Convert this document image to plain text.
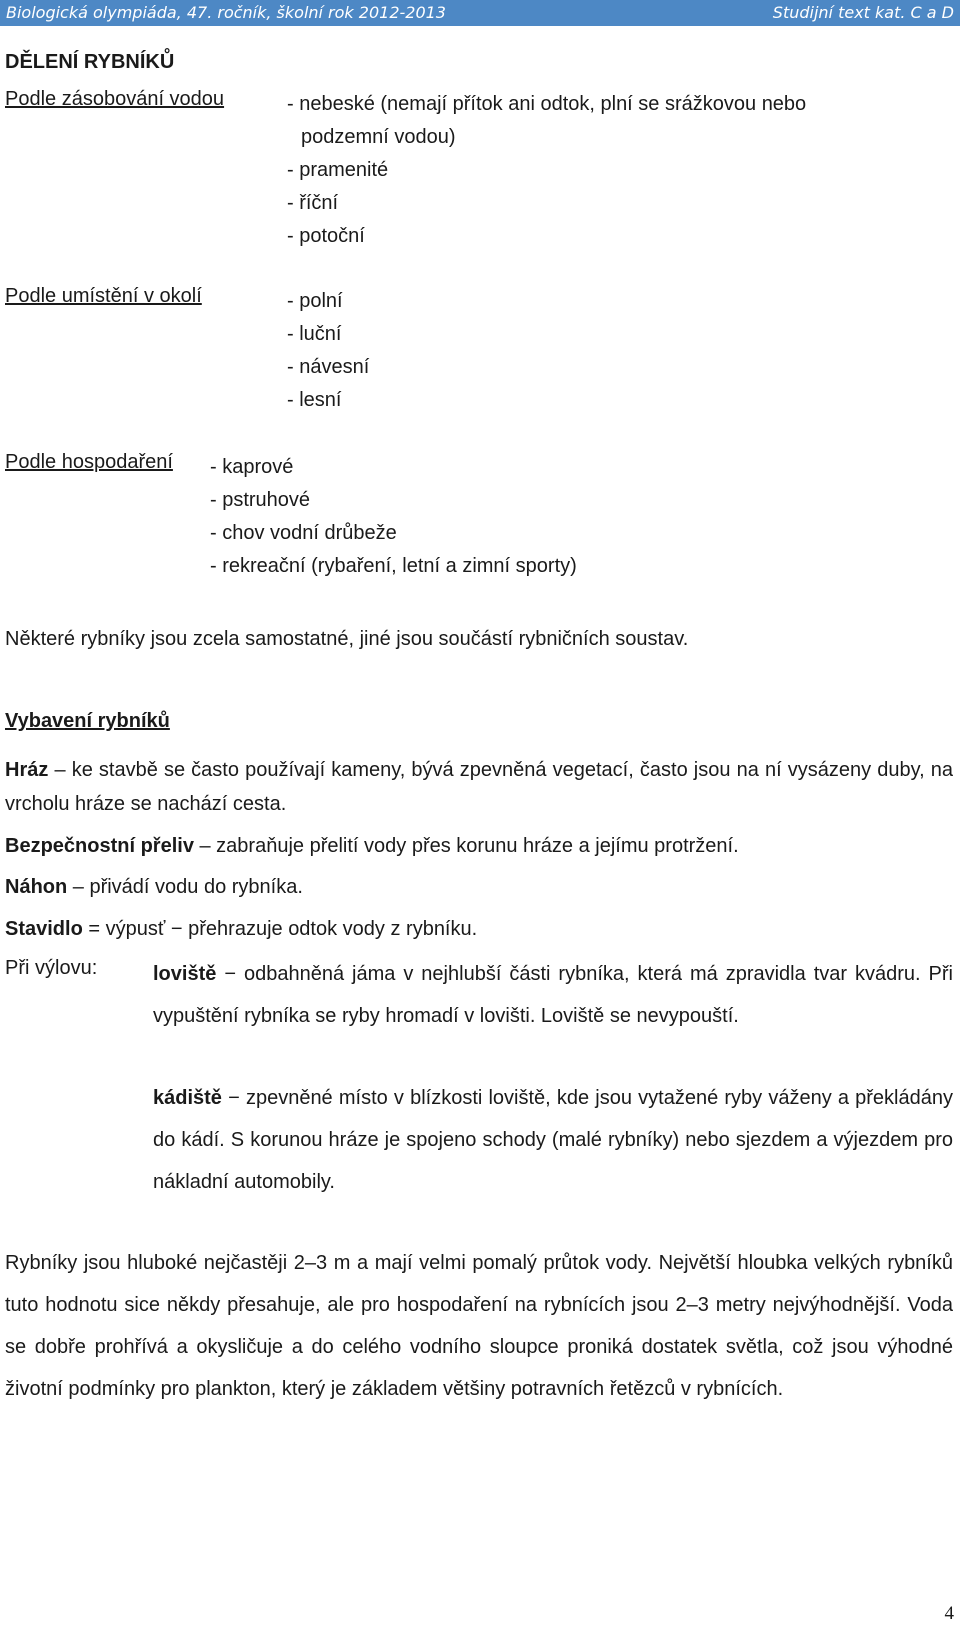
Biologická olympiáda, 47. ročník, školní rok 2012-2013	Studijní text kat. C a D
DĚLENÍ RYBNÍKŮ
Podle zásobování vodou	- nebeské (nemají přítok ani odtok, plní se srážkovou nebo
podzemní vodou)
- pramenité
- říční
- potoční
Podle umístění v okolí	- polní
- luční
- návesní
- lesní
Podle hospodaření - kaprové
- pstruhové
- chov vodní drůbeže
- rekreační (rybaření, letní a zimní sporty)
Některé rybníky jsou zcela samostatné, jiné jsou součástí rybničních soustav.
Vybavení rybníků
Hráz – ke stavbě se často používají kameny, bývá zpevněná vegetací, často jsou na ní vysázeny duby, na vrcholu hráze se nachází cesta.
Bezpečnostní přeliv – zabraňuje přelití vody přes korunu hráze a jejímu protržení.
Náhon – přivádí vodu do rybníka.
Stavidlo = výpusť − přehrazuje odtok vody z rybníku.
Při výlovu:	loviště − odbahněná jáma v nejhlubší části rybníka, která má zpravidla tvar kvádru. Při vypuštění rybníka se ryby hromadí v lovišti. Loviště se nevypouští.
kádiště − zpevněné místo v blízkosti loviště, kde jsou vytažené ryby váženy a překládány do kádí. S korunou hráze je spojeno schody (malé rybníky) nebo sjezdem a výjezdem pro nákladní automobily.
Rybníky jsou hluboké nejčastěji 2–3 m a mají velmi pomalý průtok vody. Největší hloubka velkých rybníků tuto hodnotu sice někdy přesahuje, ale pro hospodaření na rybnících jsou 2–3 metry nejvýhodnější. Voda se dobře prohřívá a okysličuje a do celého vodního sloupce proniká dostatek světla, což jsou výhodné životní podmínky pro plankton, který je základem většiny potravních řetězců v rybnících.
4
